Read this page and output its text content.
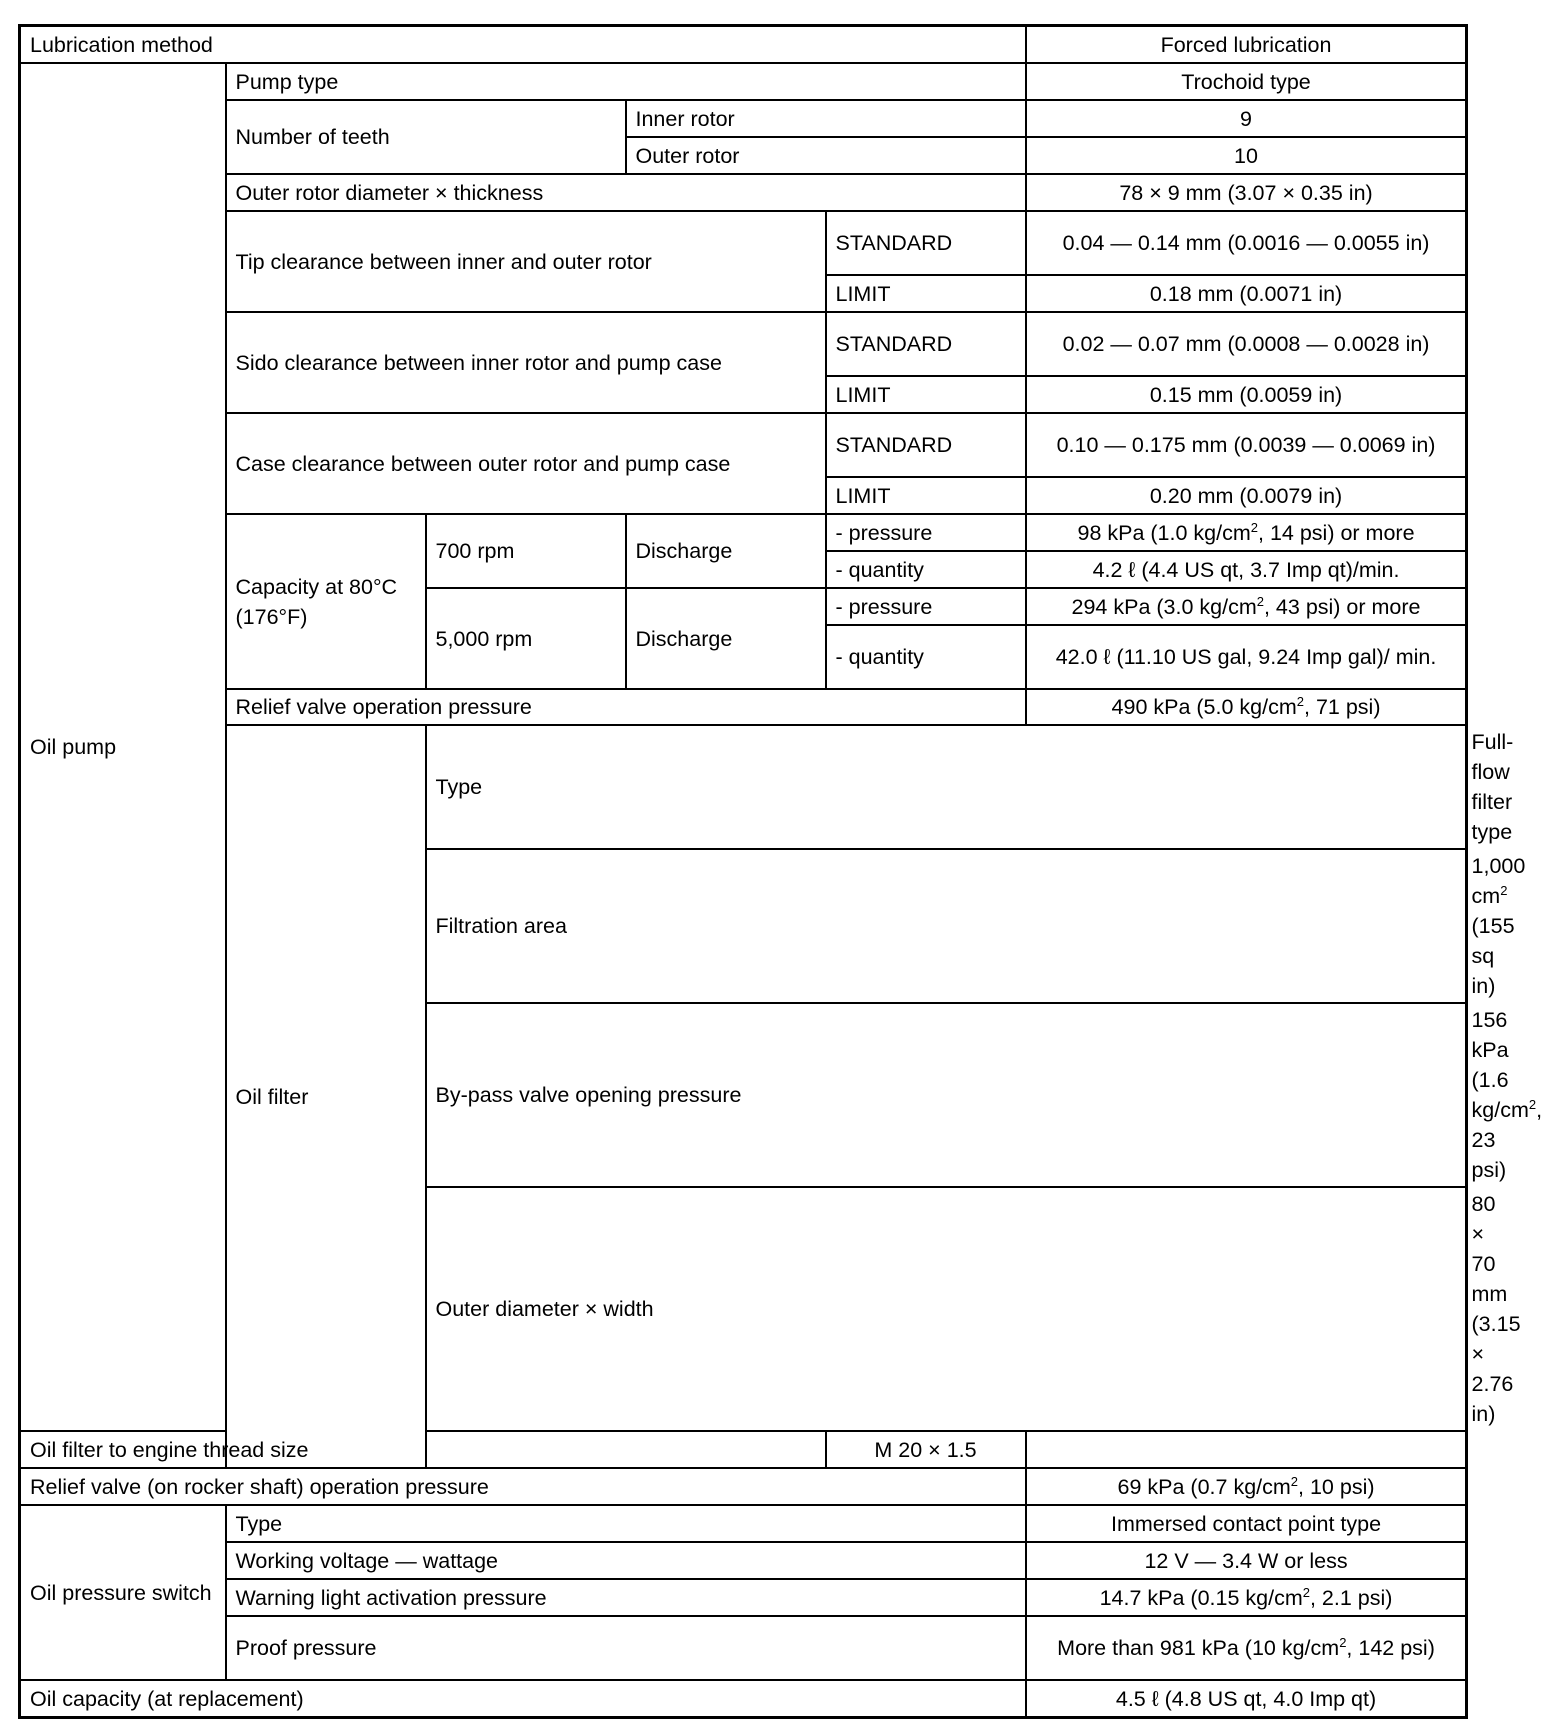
Lubrication method					Forced lubrication	
Oil pump	Pump type				Trochoid type	
	Number of teeth		Inner rotor		9	
			Outer rotor		10	
	Outer rotor diameter × thickness				78 × 9 mm (3.07 × 0.35 in)	
	Tip clearance between inner and outer rotor			STANDARD	0.04 — 0.14 mm (0.0016 — 0.0055 in)	
				LIMIT	0.18 mm (0.0071 in)	
	Sido clearance between inner rotor and pump case			STANDARD	0.02 — 0.07 mm (0.0008 — 0.0028 in)	
				LIMIT	0.15 mm (0.0059 in)	
	Case clearance between outer rotor and pump case			STANDARD	0.10 — 0.175 mm (0.0039 — 0.0069 in)	
				LIMIT	0.20 mm (0.0079 in)	
	Capacity at 80°C (176°F)	700 rpm	Discharge	- pressure	98 kPa (1.0 $kg/cm^2$, 14 psi) or more	
				- quantity	4.2 ℓ (4.4 US qt, 3.7 Imp qt)/min.	
		5,000 rpm	Discharge	- pressure	294 kPa (3.0 $kg/cm^2$, 43 psi) or more	
				- quantity	42.0 ℓ (11.10 US gal, 9.24 Imp gal)/ min.	
	Relief valve operation pressure				490 kPa (5.0 $kg/cm^2$, 71 psi)	
	Oil filter	Type				Full-flow filter type
		Filtration area				1,000 $cm^2$ (155 sq in)
		By-pass valve opening pressure				156 kPa (1.6 $kg/cm^2$, 23 psi)
		Outer diameter × width				80 × 70 mm (3.15 × 2.76 in)
Oil filter to engine thread size				M 20 × 1.5		
Relief valve (on rocker shaft) operation pressure					69 kPa (0.7 $kg/cm^2$, 10 psi)	
Oil pressure switch	Type				Immersed contact point type	
	Working voltage — wattage				12 V — 3.4 W or less	
	Warning light activation pressure				14.7 kPa (0.15 $kg/cm^2$, 2.1 psi)	
	Proof pressure				More than 981 kPa (10 $kg/cm^2$, 142 psi)	
Oil capacity (at replacement)					4.5 ℓ (4.8 US qt, 4.0 Imp qt)	
